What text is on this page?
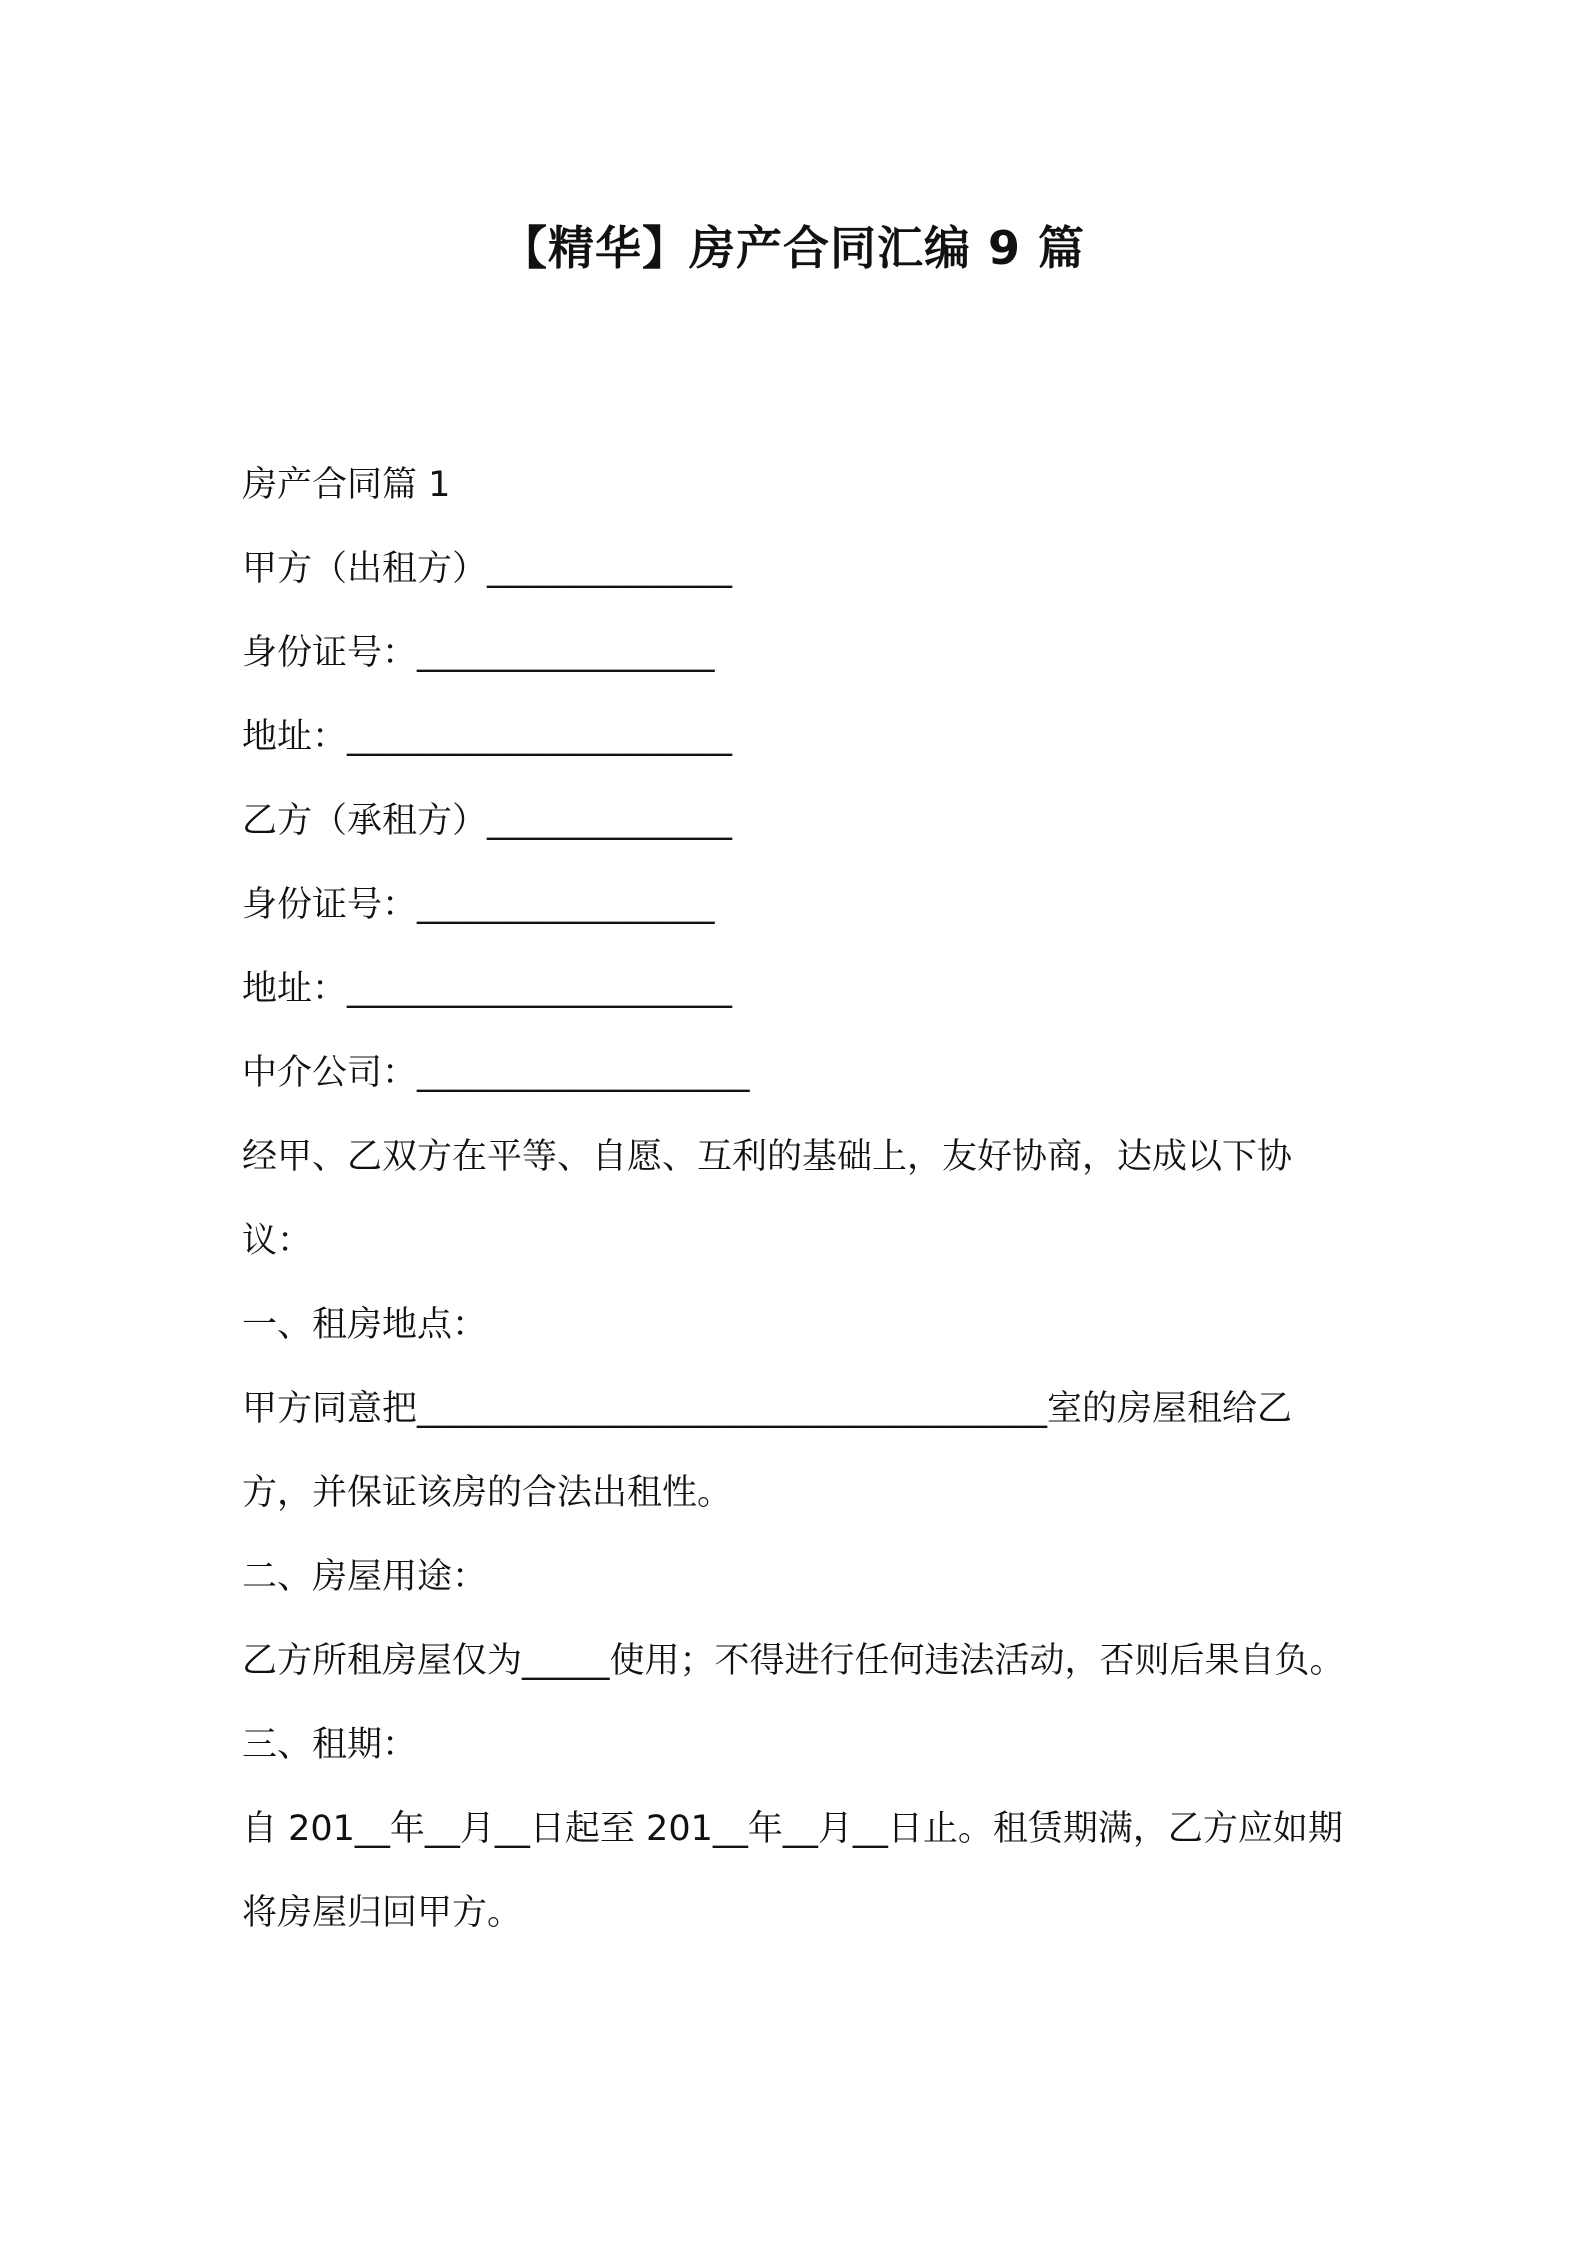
【精华】房产合同汇编 9 篇

房产合同篇 1

甲方（出租方）______________

身份证号：_________________

地址：______________________

乙方（承租方）______________

身份证号：_________________

地址：______________________

中介公司：___________________

经甲、乙双方在平等、自愿、互利的基础上，友好协商，达成以下协议：

一、租房地点：

甲方同意把____________________________________室的房屋租给乙方，并保证该房的合法出租性。

二、房屋用途：

乙方所租房屋仅为_____使用；不得进行任何违法活动，否则后果自负。

三、租期：

自 201__年__月__日起至 201__年__月__日止。租赁期满，乙方应如期将房屋归回甲方。
